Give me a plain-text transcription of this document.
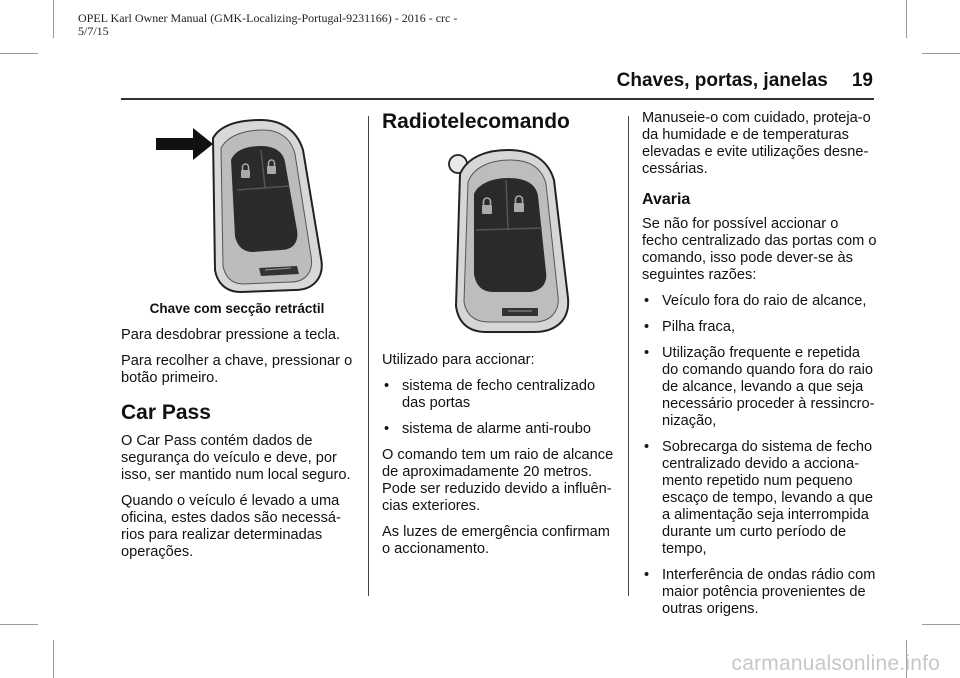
OPEL Karl Owner Manual (GMK-Localizing-Portugal-9231166) - 2016 - crc -
5/7/15
Chaves, portas, janelas 19
Chave com secção retráctil

Para desdobrar pressione a tecla.

Para recolher a chave, pressionar o botão primeiro.

Car Pass

O Car Pass contém dados de segurança do veículo e deve, por isso, ser mantido num local seguro.

Quando o veículo é levado a uma oficina, estes dados são necessá-rios para realizar determinadas operações.

Radiotelecomando

Utilizado para accionar:

• sistema de fecho centralizado das portas
• sistema de alarme anti-roubo

O comando tem um raio de alcance de aproximadamente 20 metros. Pode ser reduzido devido a influên-cias exteriores.

As luzes de emergência confirmam o accionamento.

Manuseie-o com cuidado, proteja-o da humidade e de temperaturas elevadas e evite utilizações desne-cessárias.

Avaria

Se não for possível accionar o fecho centralizado das portas com o comando, isso pode dever-se às seguintes razões:

• Veículo fora do raio de alcance,
• Pilha fraca,
• Utilização frequente e repetida do comando quando fora do raio de alcance, levando a que seja necessário proceder à ressincro-nização,
• Sobrecarga do sistema de fecho centralizado devido a acciona-mento repetido num pequeno escaço de tempo, levando a que a alimentação seja interrompida durante um curto período de tempo,
• Interferência de ondas rádio com maior potência provenientes de outras origens.
carmanualsonline.info
